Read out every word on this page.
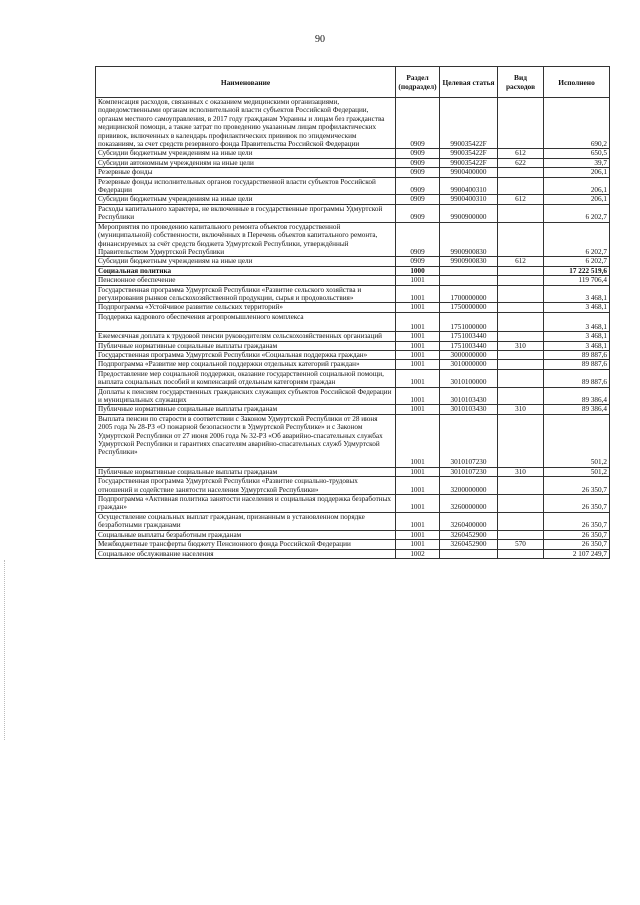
90
Наименование	Раздел (подраздел)	Целевая статья	Вид расходов	Исполнено
Компенсация расходов, связанных с оказанием медицинскими организациями, подведомственными органам исполнительной власти субъектов Российской Федерации, органам местного самоуправления, в 2017 году гражданам Украины и лицам без гражданства медицинской помощи, а также затрат по проведению указанным лицам профилактических прививок, включенных в календарь профилактических прививок по эпидемическим показаниям, за счет средств резервного фонда Правительства Российской Федерации	0909	990035422F		690,2
Субсидии бюджетным учреждениям на иные цели	0909	990035422F	612	650,5
Субсидии автономным учреждениям на иные цели	0909	990035422F	622	39,7
Резервные фонды	0909	9900400000		206,1
Резервные фонды исполнительных органов государственной власти субъектов Российской Федерации	0909	9900400310		206,1
Субсидии бюджетным учреждениям на иные цели	0909	9900400310	612	206,1
Расходы капитального характера, не включенные в государственные программы Удмуртской Республики	0909	9900900000		6 202,7
Мероприятия по проведению капитального ремонта объектов государственной (муниципальной) собственности, включённых в Перечень объектов капитального ремонта, финансируемых за счёт средств бюджета Удмуртской Республики, утверждённый Правительством Удмуртской Республики	0909	9900900830		6 202,7
Субсидии бюджетным учреждениям на иные цели	0909	9900900830	612	6 202,7
Социальная политика	1000			17 222 519,6
Пенсионное обеспечение	1001			119 706,4
Государственная программа Удмуртской Республики «Развитие сельского хозяйства и регулирования рынков сельскохозяйственной продукции, сырья и продовольствия»	1001	1700000000		3 468,1
Подпрограмма «Устойчивое развитие сельских территорий»	1001	1750000000		3 468,1
Поддержка кадрового обеспечения агропромышленного комплекса	1001	1751000000		3 468,1
Ежемесячная доплата к трудовой пенсии руководителям сельскохозяйственных организаций	1001	1751003440		3 468,1
Публичные нормативные социальные выплаты гражданам	1001	1751003440	310	3 468,1
Государственная программа Удмуртской Республики «Социальная поддержка граждан»	1001	3000000000		89 887,6
Подпрограмма «Развитие мер социальной поддержки отдельных категорий граждан»	1001	3010000000		89 887,6
Предоставление мер социальной поддержки, оказание государственной социальной помощи, выплата социальных пособий и компенсаций отдельным категориям граждан	1001	3010100000		89 887,6
Доплаты к пенсиям государственных гражданских служащих субъектов Российской Федерации и муниципальных служащих	1001	3010103430		89 386,4
Публичные нормативные социальные выплаты гражданам	1001	3010103430	310	89 386,4
Выплата пенсии по старости в соответствии с Законом Удмуртской Республики от 28 июня 2005 года № 28-РЗ «О пожарной безопасности в Удмуртской Республике» и с Законом Удмуртской Республики от 27 июня 2006 года № 32-РЗ «Об аварийно-спасательных службах Удмуртской Республики и гарантиях спасателям аварийно-спасательных служб Удмуртской Республики»	1001	3010107230		501,2
Публичные нормативные социальные выплаты гражданам	1001	3010107230	310	501,2
Государственная программа Удмуртской Республики «Развитие социально-трудовых отношений и содействие занятости населения Удмуртской Республики»	1001	3200000000		26 350,7
Подпрограмма «Активная политика занятости населения и социальная поддержка безработных граждан»	1001	3260000000		26 350,7
Осуществление социальных выплат гражданам, признанным в установленном порядке безработными гражданами	1001	3260400000		26 350,7
Социальные выплаты безработным гражданам	1001	3260452900		26 350,7
Межбюджетные трансферты бюджету Пенсионного фонда Российской Федерации	1001	3260452900	570	26 350,7
Социальное обслуживание населения	1002			2 107 249,7
